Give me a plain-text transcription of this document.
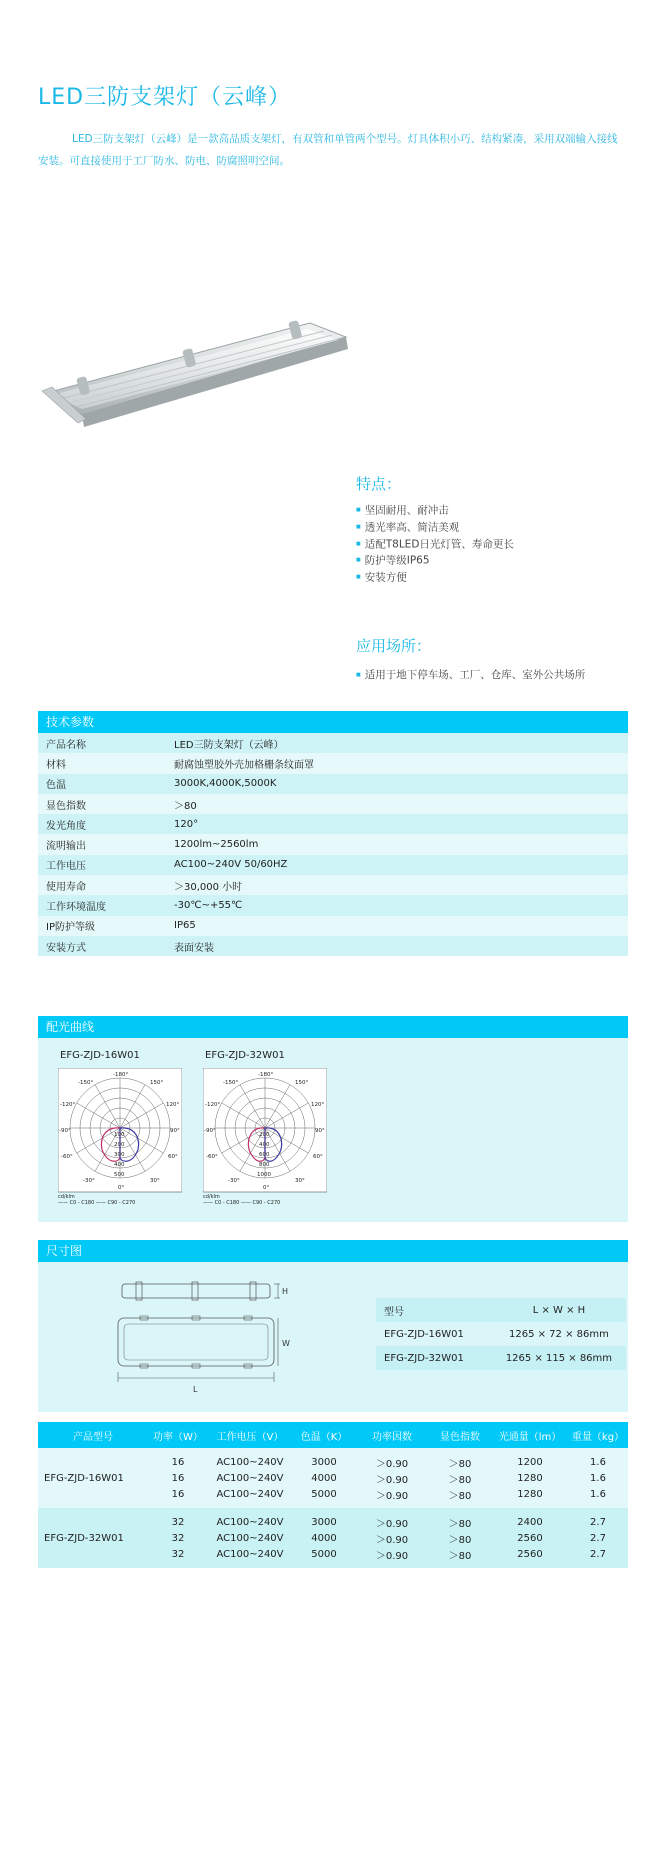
LED三防支架灯（云峰）
LED三防支架灯（云峰）是一款高品质支架灯，有双管和单管两个型号。灯具体积小巧、结构紧凑，采用双端输入接线安装。可直接使用于工厂防水、防电、防腐照明空间。
特点：
■ 坚固耐用、耐冲击
■ 透光率高、简洁美观
■ 适配T8LED日光灯管、寿命更长
■ 防护等级IP65
■ 安装方便
应用场所：
■ 适用于地下停车场、工厂、仓库、室外公共场所
技术参数
产品名称	LED三防支架灯（云峰）
材料	耐腐蚀塑胶外壳加格栅条纹面罩
色温	3000K,4000K,5000K
显色指数	＞80
发光角度	120°
流明输出	1200lm~2560lm
工作电压	AC100~240V 50/60HZ
使用寿命	＞30,000 小时
工作环境温度	-30℃~+55℃
IP防护等级	IP65
安装方式	表面安装
配光曲线
EFG-ZJD-16W01	EFG-ZJD-32W01
-180°
-150°	150°
-120°	120°
-90°	90°
-60°	60°
-30°	30°
0°
100
200
300
400
500
cd/klm
—— C0 - C180 —— C90 - C270
-180°
-150°	150°
-120°	120°
-90°	90°
-60°	60°
-30°	30°
0°
200
400
600
800
1000
cd/klm
—— C0 - C180 —— C90 - C270
尺寸图
H
W
L
型号	L × W × H
EFG-ZJD-16W01	1265 × 72 × 86mm
EFG-ZJD-32W01	1265 × 115 × 86mm
产品型号	功率（W）	工作电压（V）	色温（K）	功率因数	显色指数	光通量（lm）	重量（kg）

EFG-ZJD-16W01	16	AC100~240V	3000	＞0.90	＞80	1200	1.6
	16	AC100~240V	4000	＞0.90	＞80	1280	1.6
	16	AC100~240V	5000	＞0.90	＞80	1280	1.6

EFG-ZJD-32W01	32	AC100~240V	3000	＞0.90	＞80	2400	2.7
	32	AC100~240V	4000	＞0.90	＞80	2560	2.7
	32	AC100~240V	5000	＞0.90	＞80	2560	2.7
